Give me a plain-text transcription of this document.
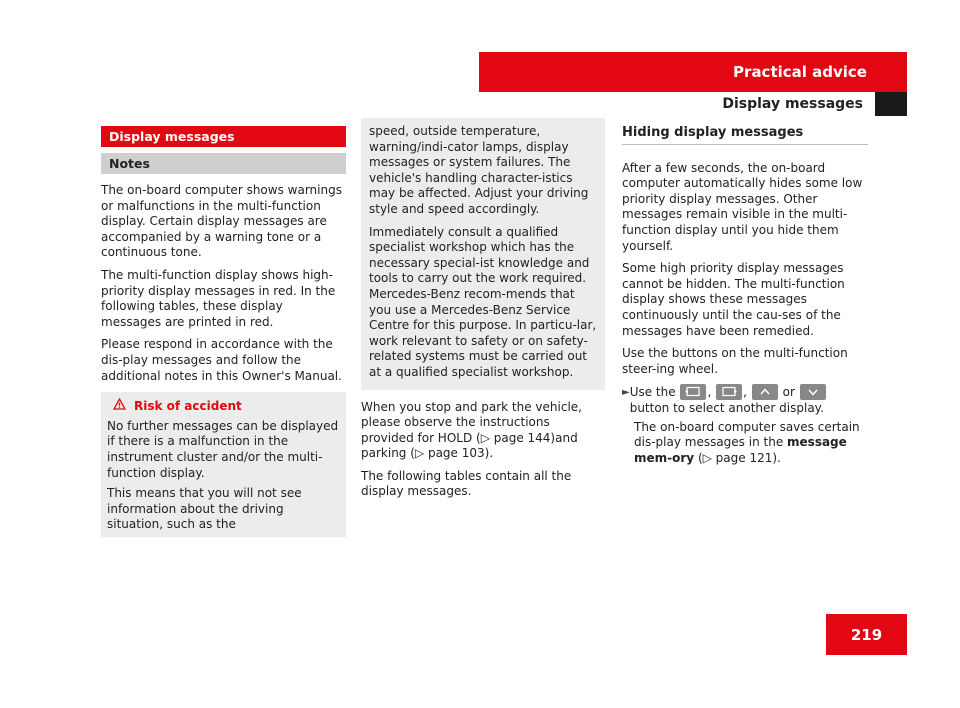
Practical advice
Display messages
Display messages
Notes

The on-board computer shows warnings or malfunctions in the multi-function display. Certain display messages are accompanied by a warning tone or a continuous tone.

The multi-function display shows high-priority display messages in red. In the following tables, these display messages are printed in red.

Please respond in accordance with the dis-play messages and follow the additional notes in this Owner's Manual.

Risk of accident

No further messages can be displayed if there is a malfunction in the instrument cluster and/or the multi-function display.

This means that you will not see information about the driving situation, such as the

speed, outside temperature, warning/indi-cator lamps, display messages or system failures. The vehicle's handling character-istics may be affected. Adjust your driving style and speed accordingly.

Immediately consult a qualified specialist workshop which has the necessary special-ist knowledge and tools to carry out the work required. Mercedes-Benz recom-mends that you use a Mercedes-Benz Service Centre for this purpose. In particu-lar, work relevant to safety or on safety-related systems must be carried out at a qualified specialist workshop.

When you stop and park the vehicle, please observe the instructions provided for HOLD (▷ page 144)and parking (▷ page 103).

The following tables contain all the display messages.

Hiding display messages

After a few seconds, the on-board computer automatically hides some low priority display messages. Other messages remain visible in the multi-function display until you hide them yourself.

Some high priority display messages cannot be hidden. The multi-function display shows these messages continuously until the cau-ses of the messages have been remedied.

Use the buttons on the multi-function steer-ing wheel.

► Use the	,	,	or
button to select another display.

The on-board computer saves certain dis-play messages in the message mem-ory (▷ page 121).

219
